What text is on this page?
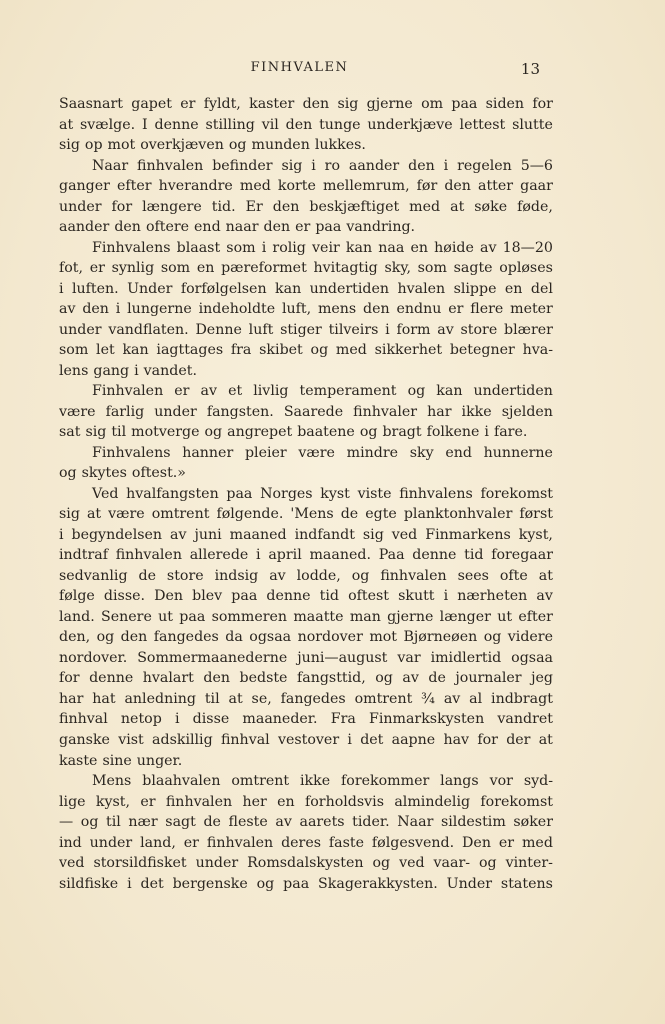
FINHVALEN	13
Saasnart gapet er fyldt, kaster den sig gjerne om paa siden for
at svælge. I denne stilling vil den tunge underkjæve lettest slutte
sig op mot overkjæven og munden lukkes.
Naar finhvalen befinder sig i ro aander den i regelen 5—6
ganger efter hverandre med korte mellemrum, før den atter gaar
under for længere tid. Er den beskjæftiget med at søke føde,
aander den oftere end naar den er paa vandring.
Finhvalens blaast som i rolig veir kan naa en høide av 18—20
fot, er synlig som en pæreformet hvitagtig sky, som sagte opløses
i luften. Under forfølgelsen kan undertiden hvalen slippe en del
av den i lungerne indeholdte luft, mens den endnu er flere meter
under vandflaten. Denne luft stiger tilveirs i form av store blærer
som let kan iagttages fra skibet og med sikkerhet betegner hva-
lens gang i vandet.
Finhvalen er av et livlig temperament og kan undertiden
være farlig under fangsten. Saarede finhvaler har ikke sjelden
sat sig til motverge og angrepet baatene og bragt folkene i fare.
Finhvalens hanner pleier være mindre sky end hunnerne
og skytes oftest.»
Ved hvalfangsten paa Norges kyst viste finhvalens forekomst
sig at være omtrent følgende. 'Mens de egte planktonhvaler først
i begyndelsen av juni maaned indfandt sig ved Finmarkens kyst,
indtraf finhvalen allerede i april maaned. Paa denne tid foregaar
sedvanlig de store indsig av lodde, og finhvalen sees ofte at
følge disse. Den blev paa denne tid oftest skutt i nærheten av
land. Senere ut paa sommeren maatte man gjerne længer ut efter
den, og den fangedes da ogsaa nordover mot Bjørneøen og videre
nordover. Sommermaanederne juni—august var imidlertid ogsaa
for denne hvalart den bedste fangsttid, og av de journaler jeg
har hat anledning til at se, fangedes omtrent ¾ av al indbragt
finhval netop i disse maaneder. Fra Finmarkskysten vandret
ganske vist adskillig finhval vestover i det aapne hav for der at
kaste sine unger.
Mens blaahvalen omtrent ikke forekommer langs vor syd-
lige kyst, er finhvalen her en forholdsvis almindelig forekomst
— og til nær sagt de fleste av aarets tider. Naar sildestim søker
ind under land, er finhvalen deres faste følgesvend. Den er med
ved storsildfisket under Romsdalskysten og ved vaar- og vinter-
sildfiske i det bergenske og paa Skagerakkysten. Under statens
